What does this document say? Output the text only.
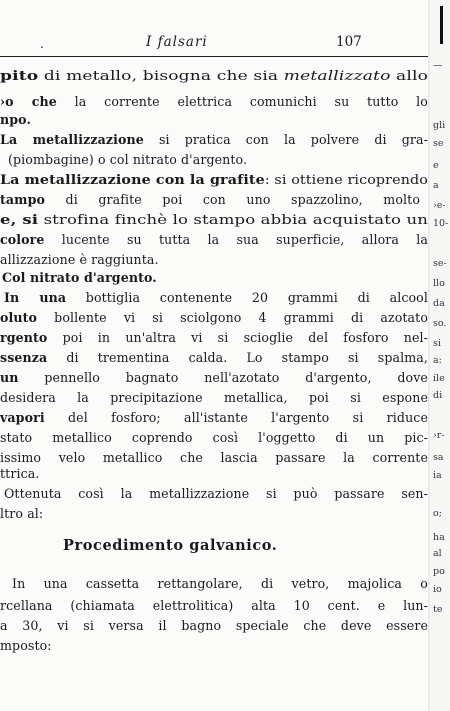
.	I falsari	107
pito di metallo, bisogna che sia metallizzato allo
›o che la corrente elettrica comunichi su tutto lo
npo.
La metallizzazione si pratica con la polvere di gra-
(piombagine) o col nitrato d'argento.
La metallizzazione con la grafite: si ottiene ricoprendo
tampo di grafite poi con uno spazzolino, molto
e, si strofina finchè lo stampo abbia acquistato un
colore lucente su tutta la sua superficie, allora la
allizzazione è raggiunta.
Col nitrato d'argento.
In una bottiglia contenente 20 grammi di alcool
oluto bollente vi si sciolgono 4 grammi di azotato
rgento poi in un'altra vi si scioglie del fosforo nel-
ssenza di trementina calda. Lo stampo si spalma,
un pennello bagnato nell'azotato d'argento, dove
desidera la precipitazione metallica, poi si espone
vapori del fosforo; all'istante l'argento si riduce
stato metallico coprendo così l'oggetto di un pic-
issimo velo metallico che lascia passare la corrente
ttrica.
Ottenuta così la metallizzazione si può passare sen-
ltro al:
Procedimento galvanico.
In una cassetta rettangolare, di vetro, majolica o
rcellana (chiamata elettrolitica) alta 10 cent. e lun-
a 30, vi si versa il bagno speciale che deve essere
mposto:
—
gli
se
e
a
›e-
10-
se-
llo
da
so.
si
a:
ile
di
›r-
sa
ia
o;
ha
al
po
io
te
